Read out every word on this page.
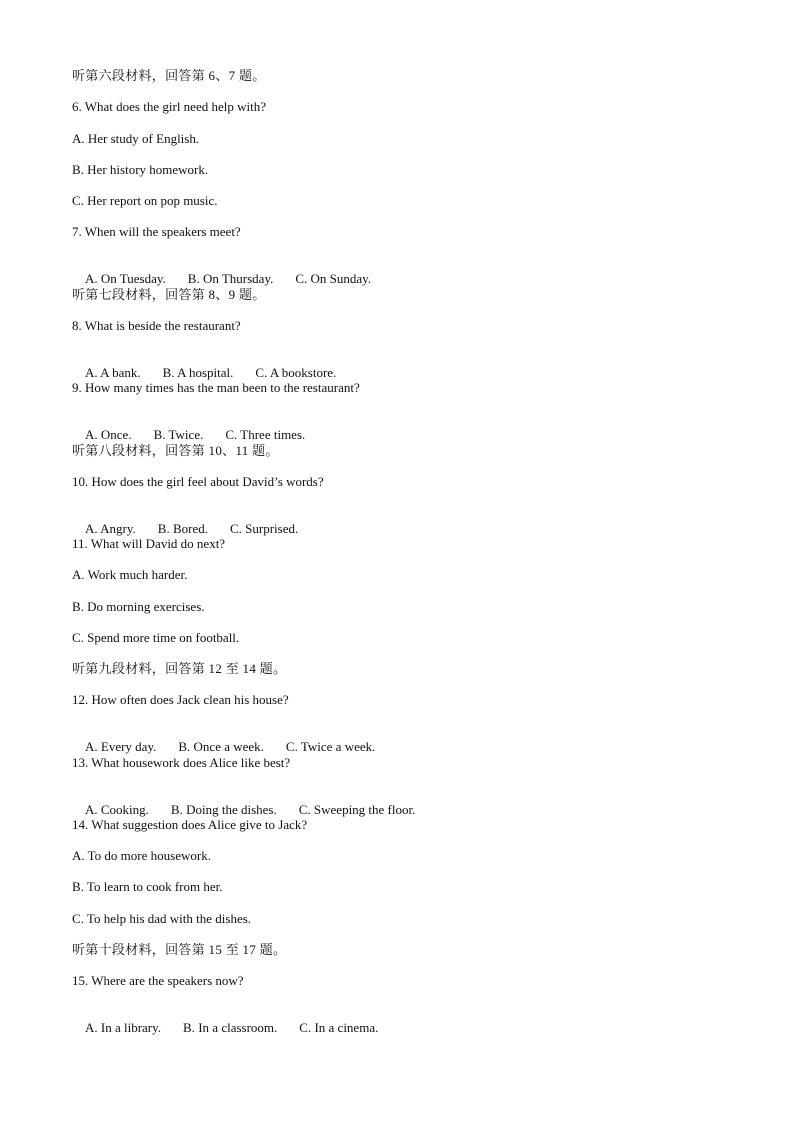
听第六段材料，回答第 6、7 题。
6. What does the girl need help with?
A. Her study of English.
B. Her history homework.
C. Her report on pop music.
7. When will the speakers meet?

A. On Tuesday. B. On Thursday. C. On Sunday.

听第七段材料，回答第 8、9 题。
8. What is beside the restaurant?

A. A bank. B. A hospital. C. A bookstore.

9. How many times has the man been to the restaurant?

A. Once. B. Twice. C. Three times.

听第八段材料，回答第 10、11 题。
10. How does the girl feel about David’s words?

A. Angry. B. Bored. C. Surprised.

11. What will David do next?
A. Work much harder.
B. Do morning exercises.
C. Spend more time on football.
听第九段材料，回答第 12 至 14 题。
12. How often does Jack clean his house?

A. Every day. B. Once a week. C. Twice a week.

13. What housework does Alice like best?

A. Cooking. B. Doing the dishes. C. Sweeping the floor.

14. What suggestion does Alice give to Jack?
A. To do more housework.
B. To learn to cook from her.
C. To help his dad with the dishes.
听第十段材料，回答第 15 至 17 题。
15. Where are the speakers now?

A. In a library. B. In a classroom. C. In a cinema.
